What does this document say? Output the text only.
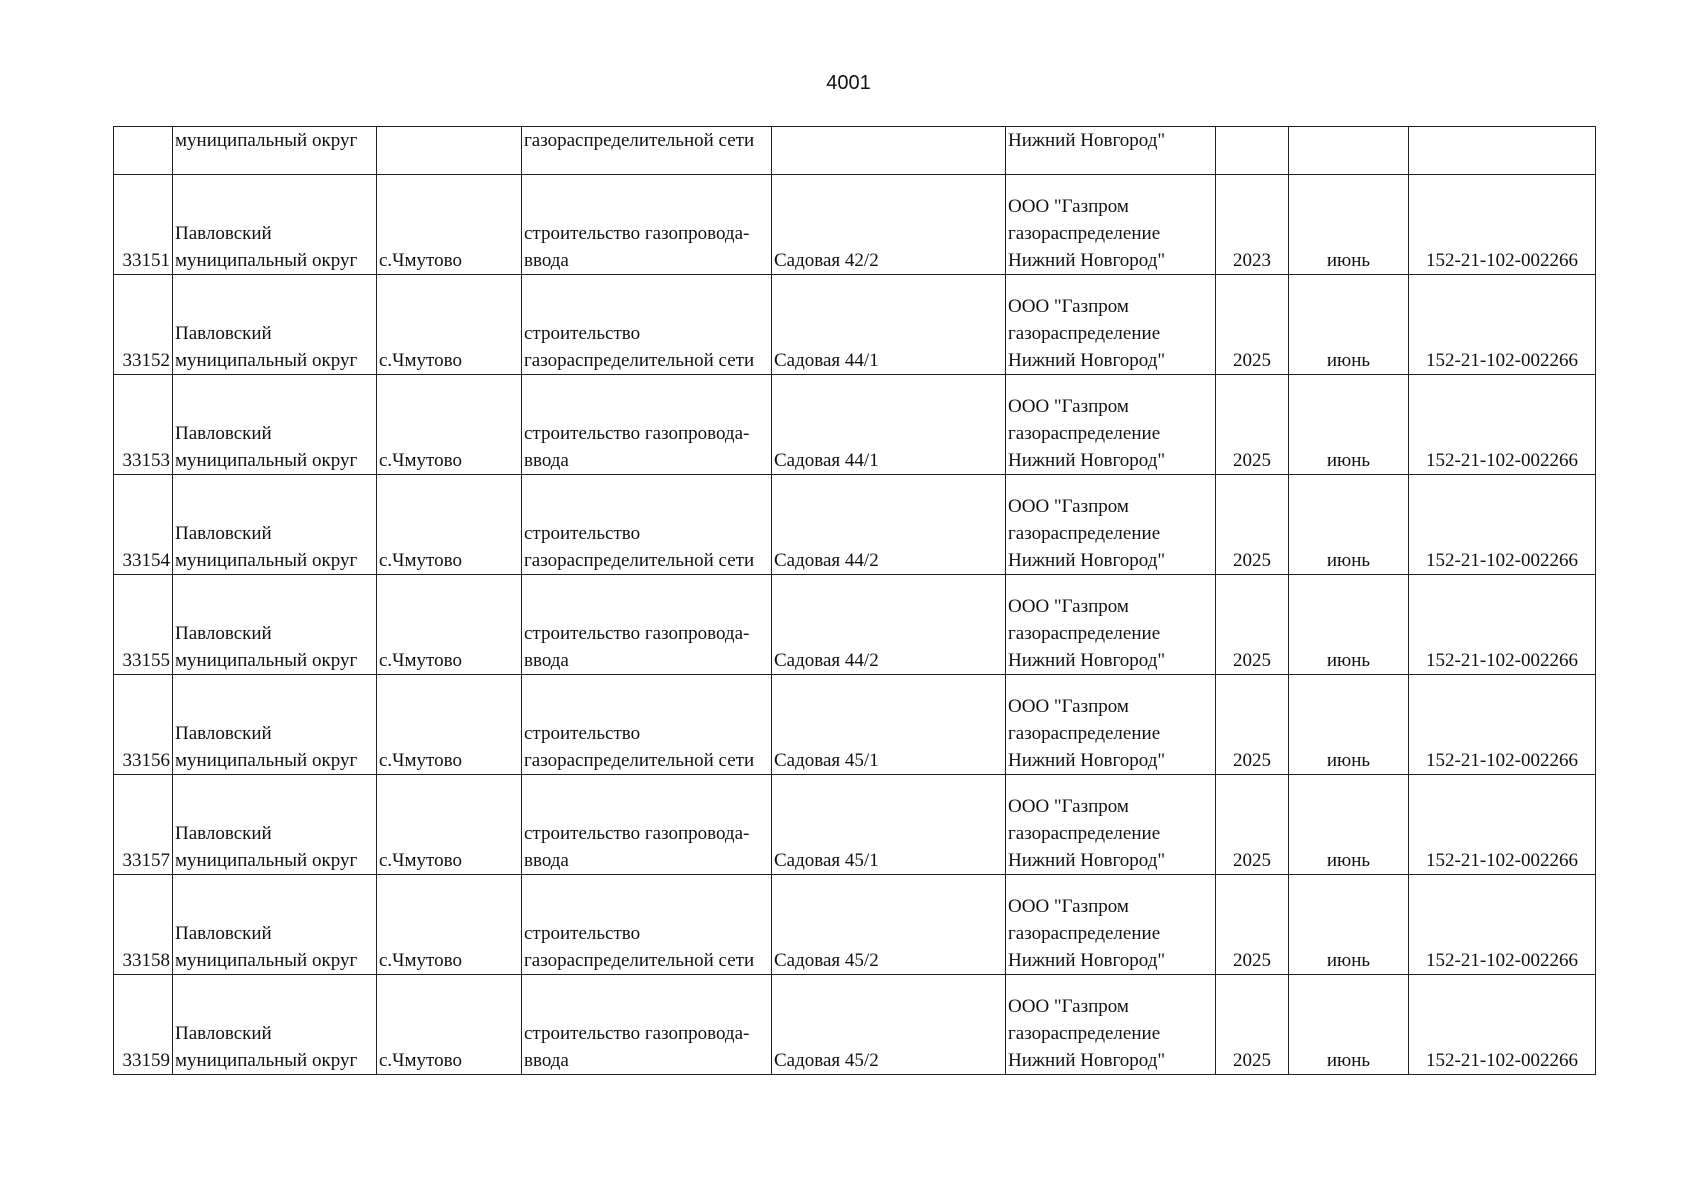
4001
	муниципальный округ		газораспределительной сети		Нижний Новгород"			
33151	Павловский
муниципальный округ	с.Чмутово	строительство газопровода-
ввода	Садовая 42/2	ООО "Газпром
газораспределение
Нижний Новгород"	2023	июнь	152-21-102-002266
33152	Павловский
муниципальный округ	с.Чмутово	строительство
газораспределительной сети	Садовая 44/1	ООО "Газпром
газораспределение
Нижний Новгород"	2025	июнь	152-21-102-002266
33153	Павловский
муниципальный округ	с.Чмутово	строительство газопровода-
ввода	Садовая 44/1	ООО "Газпром
газораспределение
Нижний Новгород"	2025	июнь	152-21-102-002266
33154	Павловский
муниципальный округ	с.Чмутово	строительство
газораспределительной сети	Садовая 44/2	ООО "Газпром
газораспределение
Нижний Новгород"	2025	июнь	152-21-102-002266
33155	Павловский
муниципальный округ	с.Чмутово	строительство газопровода-
ввода	Садовая 44/2	ООО "Газпром
газораспределение
Нижний Новгород"	2025	июнь	152-21-102-002266
33156	Павловский
муниципальный округ	с.Чмутово	строительство
газораспределительной сети	Садовая 45/1	ООО "Газпром
газораспределение
Нижний Новгород"	2025	июнь	152-21-102-002266
33157	Павловский
муниципальный округ	с.Чмутово	строительство газопровода-
ввода	Садовая 45/1	ООО "Газпром
газораспределение
Нижний Новгород"	2025	июнь	152-21-102-002266
33158	Павловский
муниципальный округ	с.Чмутово	строительство
газораспределительной сети	Садовая 45/2	ООО "Газпром
газораспределение
Нижний Новгород"	2025	июнь	152-21-102-002266
33159	Павловский
муниципальный округ	с.Чмутово	строительство газопровода-
ввода	Садовая 45/2	ООО "Газпром
газораспределение
Нижний Новгород"	2025	июнь	152-21-102-002266
